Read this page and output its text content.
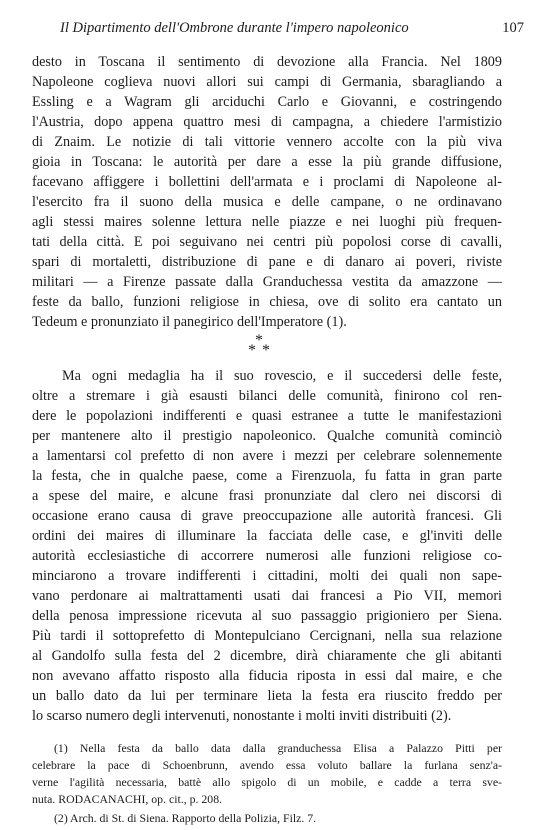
Il Dipartimento dell'Ombrone durante l'impero napoleonico	107
desto in Toscana il sentimento di devozione alla Francia. Nel 1809
Napoleone coglieva nuovi allori sui campi di Germania, sbaragliando a
Essling e a Wagram gli arciduchi Carlo e Giovanni, e costringendo
l'Austria, dopo appena quattro mesi di campagna, a chiedere l'armistizio
di Znaim. Le notizie di tali vittorie vennero accolte con la più viva
gioia in Toscana: le autorità per dare a esse la più grande diffusione,
facevano affiggere i bollettini dell'armata e i proclami di Napoleone al-
l'esercito fra il suono della musica e delle campane, o ne ordinavano
agli stessi maires solenne lettura nelle piazze e nei luoghi più frequen-
tati della città. E poi seguivano nei centri più popolosi corse di cavalli,
spari di mortaletti, distribuzione di pane e di danaro ai poveri, riviste
militari — a Firenze passate dalla Granduchessa vestita da amazzone —
feste da ballo, funzioni religiose in chiesa, ove di solito era cantato un
Tedeum e pronunziato il panegirico dell'Imperatore (1).
*
* *
Ma ogni medaglia ha il suo rovescio, e il succedersi delle feste,
oltre a stremare i già esausti bilanci delle comunità, finirono col ren-
dere le popolazioni indifferenti e quasi estranee a tutte le manifestazioni
per mantenere alto il prestigio napoleonico. Qualche comunità cominciò
a lamentarsi col prefetto di non avere i mezzi per celebrare solennemente
la festa, che in qualche paese, come a Firenzuola, fu fatta in gran parte
a spese del maire, e alcune frasi pronunziate dal clero nei discorsi di
occasione erano causa di grave preoccupazione alle autorità francesi. Gli
ordini dei maires di illuminare la facciata delle case, e gl'inviti delle
autorità ecclesiastiche di accorrere numerosi alle funzioni religiose co-
minciarono a trovare indifferenti i cittadini, molti dei quali non sape-
vano perdonare ai maltrattamenti usati dai francesi a Pio VII, memori
della penosa impressione ricevuta al suo passaggio prigioniero per Siena.
Più tardi il sottoprefetto di Montepulciano Cercignani, nella sua relazione
al Gandolfo sulla festa del 2 dicembre, dirà chiaramente che gli abitanti
non avevano affatto risposto alla fiducia riposta in essi dal maire, e che
un ballo dato da lui per terminare lieta la festa era riuscito freddo per
lo scarso numero degli intervenuti, nonostante i molti inviti distribuiti (2).
(1) Nella festa da ballo data dalla granduchessa Elisa a Palazzo Pitti per
celebrare la pace di Schoenbrunn, avendo essa voluto ballare la furlana senz'a-
verne l'agilità necessaria, battè allo spigolo di un mobile, e cadde a terra sve-
nuta. RODACANACHI, op. cit., p. 208.
(2) Arch. di St. di Siena. Rapporto della Polizia, Filz. 7.
